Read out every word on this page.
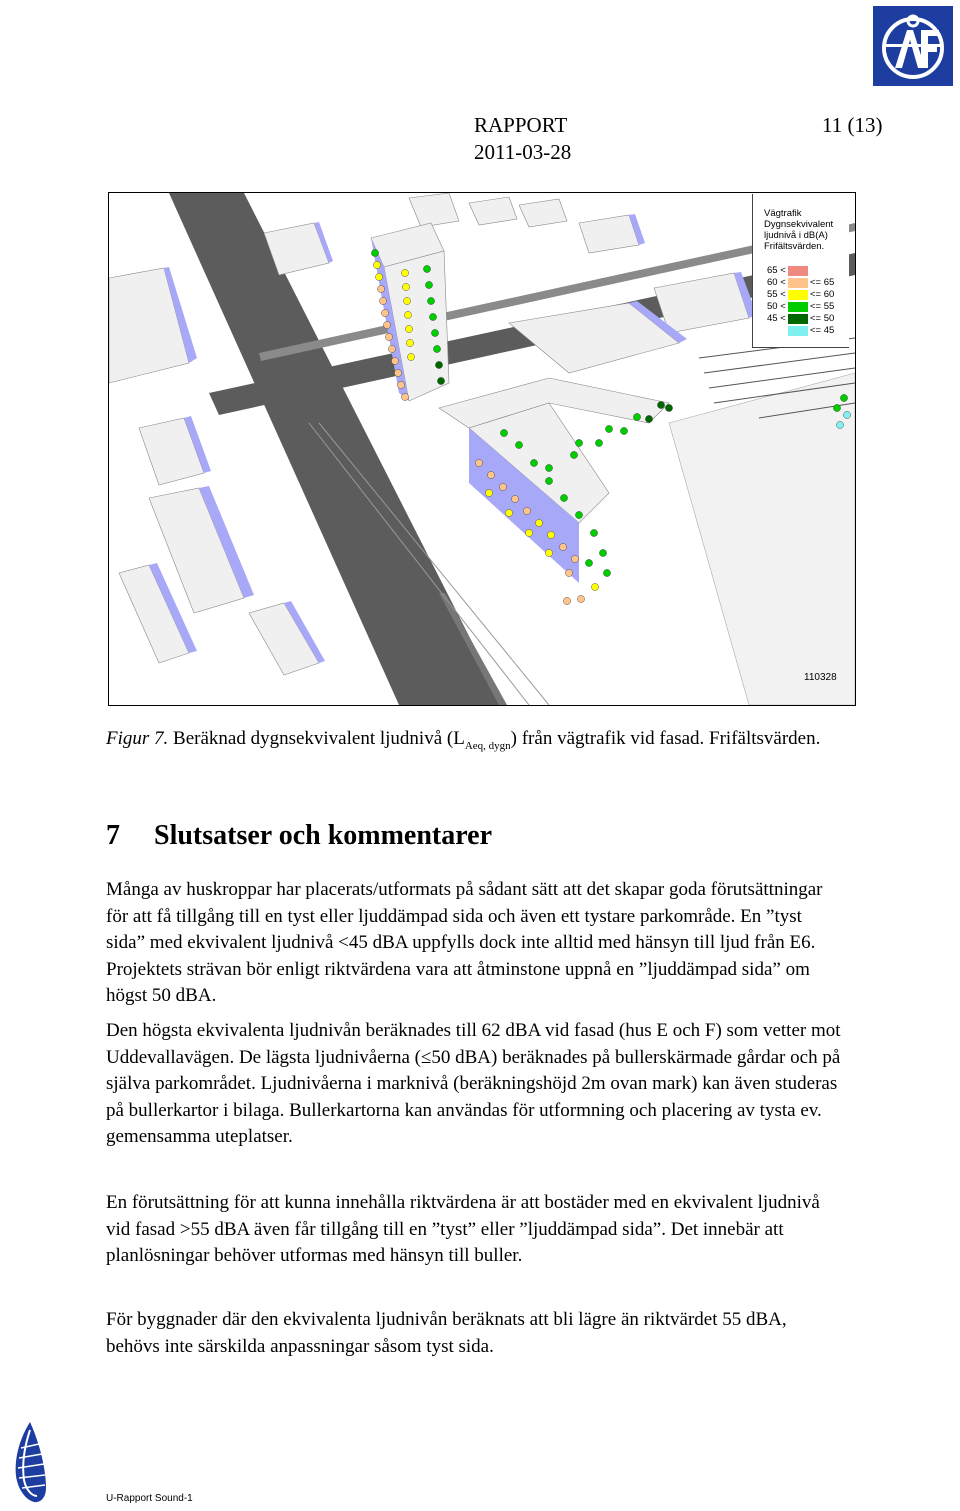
RAPPORT	11 (13)
2011-03-28
Vägtrafik
Dygnsekvivalent
ljudnivå i dB(A)
Frifältsvärden.
65 <
60 <	<= 65
55 <	<= 60
50 <	<= 55
45 <	<= 50
<= 45
110328
Figur 7. Beräknad dygnsekvivalent ljudnivå $(L_{Aeq, dygn})$ från vägtrafik vid fasad. Frifältsvärden.
7 Slutsatser och kommentarer
Många av huskroppar har placerats/utformats på sådant sätt att det skapar goda förutsättningar för att få tillgång till en tyst eller ljuddämpad sida och även ett tystare parkområde. En ”tyst sida” med ekvivalent ljudnivå <45 dBA uppfylls dock inte alltid med hänsyn till ljud från E6. Projektets strävan bör enligt riktvärdena vara att åtminstone uppnå en ”ljuddämpad sida” om högst 50 dBA.
Den högsta ekvivalenta ljudnivån beräknades till 62 dBA vid fasad (hus E och F) som vetter mot Uddevallavägen. De lägsta ljudnivåerna (≤50 dBA) beräknades på bullerskärmade gårdar och på själva parkområdet. Ljudnivåerna i marknivå (beräkningshöjd 2m ovan mark) kan även studeras på bullerkartor i bilaga. Bullerkartorna kan användas för utformning och placering av tysta ev. gemensamma uteplatser.
En förutsättning för att kunna innehålla riktvärdena är att bostäder med en ekvivalent ljudnivå vid fasad >55 dBA även får tillgång till en ”tyst” eller ”ljuddämpad sida”. Det innebär att planlösningar behöver utformas med hänsyn till buller.
För byggnader där den ekvivalenta ljudnivån beräknats att bli lägre än riktvärdet 55 dBA, behövs inte särskilda anpassningar såsom tyst sida.
U-Rapport Sound-1
